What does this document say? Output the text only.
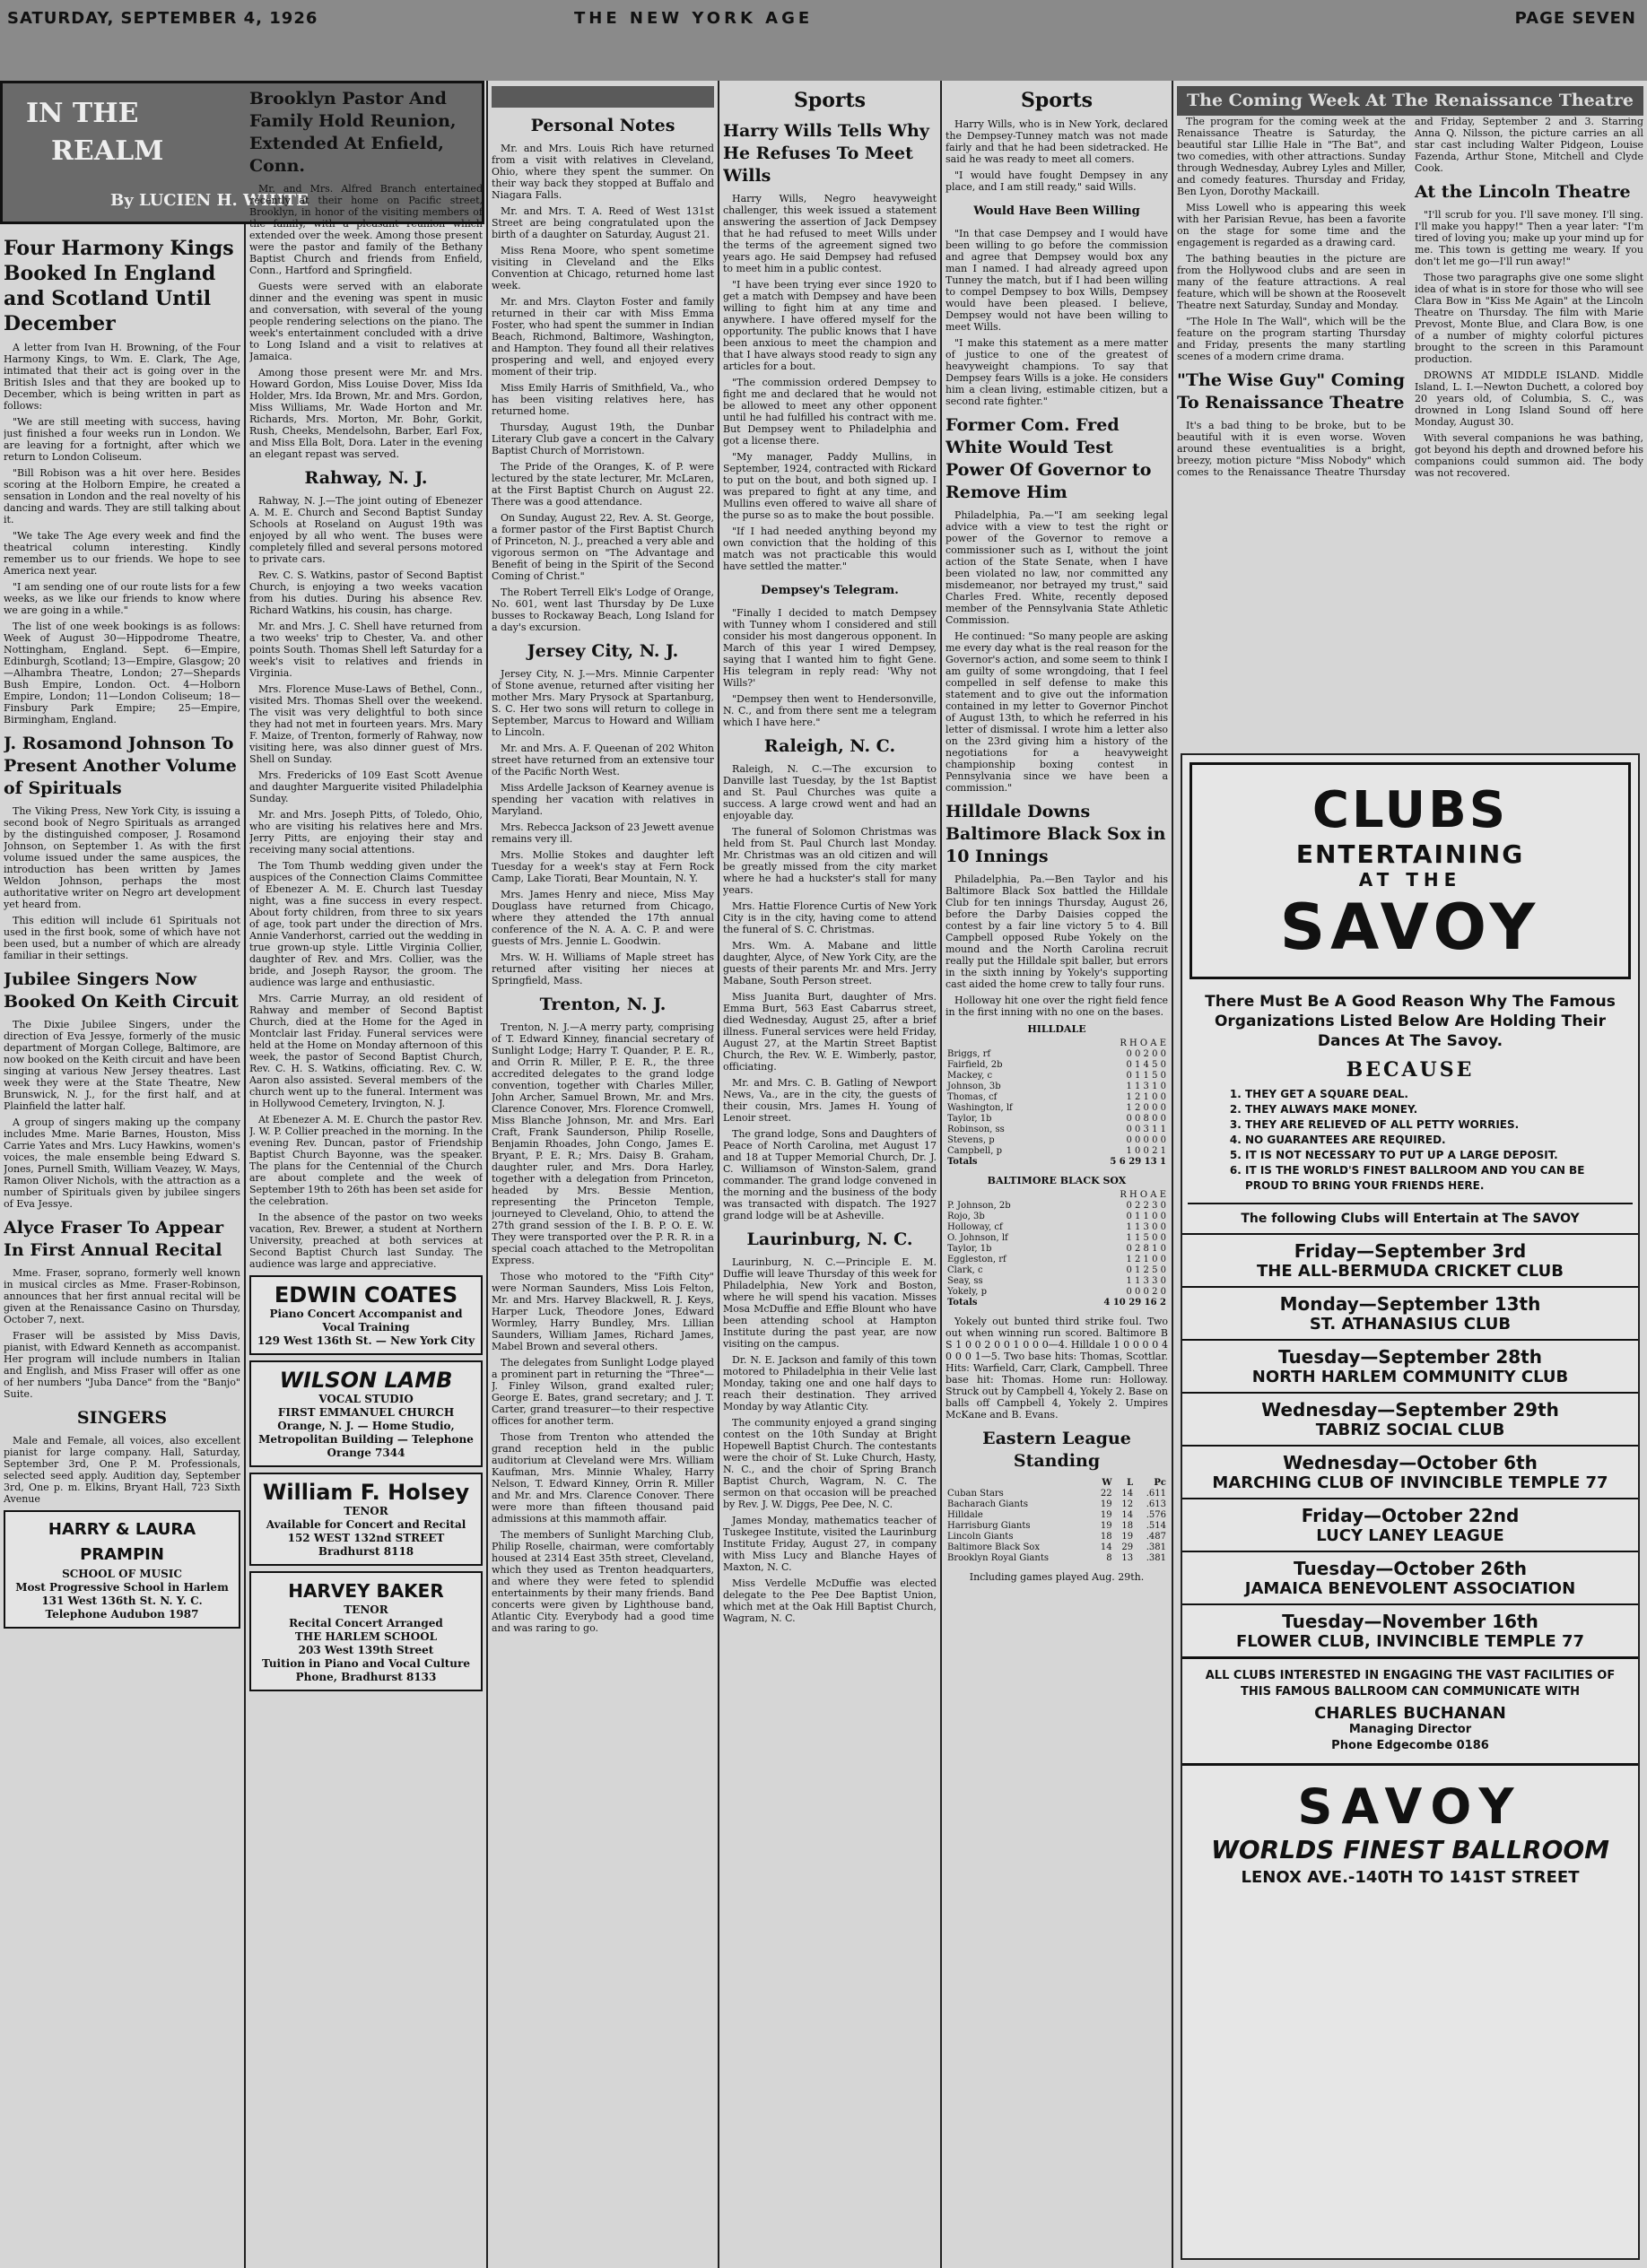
SATURDAY, SEPTEMBER 4, 1926	THE NEW YORK AGE	PAGE SEVEN
IN THE
REALM
By LUCIEN H. WHITE
Four Harmony Kings Booked In England and Scotland Until December

A letter from Ivan H. Browning, of the Four Harmony Kings, to Wm. E. Clark, The Age, intimated that their act is going over in the British Isles and that they are booked up to December, which is being written in part as follows:

"We are still meeting with success, having just finished a four weeks run in London. We are leaving for a fortnight, after which we return to London Coliseum.

"Bill Robison was a hit over here. Besides scoring at the Holborn Empire, he created a sensation in London and the real novelty of his dancing and wards. They are still talking about it.

"We take The Age every week and find the theatrical column interesting. Kindly remember us to our friends. We hope to see America next year.

"I am sending one of our route lists for a few weeks, as we like our friends to know where we are going in a while."

The list of one week bookings is as follows: Week of August 30—Hippodrome Theatre, Nottingham, England. Sept. 6—Empire, Edinburgh, Scotland; 13—Empire, Glasgow; 20—Alhambra Theatre, London; 27—Shepards Bush Empire, London. Oct. 4—Holborn Empire, London; 11—London Coliseum; 18—Finsbury Park Empire; 25—Empire, Birmingham, England.

J. Rosamond Johnson To Present Another Volume of Spirituals

The Viking Press, New York City, is issuing a second book of Negro Spirituals as arranged by the distinguished composer, J. Rosamond Johnson, on September 1. As with the first volume issued under the same auspices, the introduction has been written by James Weldon Johnson, perhaps the most authoritative writer on Negro art development yet heard from.

This edition will include 61 Spirituals not used in the first book, some of which have not been used, but a number of which are already familiar in their settings.

Jubilee Singers Now Booked On Keith Circuit

The Dixie Jubilee Singers, under the direction of Eva Jessye, formerly of the music department of Morgan College, Baltimore, are now booked on the Keith circuit and have been singing at various New Jersey theatres. Last week they were at the State Theatre, New Brunswick, N. J., for the first half, and at Plainfield the latter half.

A group of singers making up the company includes Mme. Marie Barnes, Houston, Miss Carrie Yates and Mrs. Lucy Hawkins, women's voices, the male ensemble being Edward S. Jones, Purnell Smith, William Veazey, W. Mays, Ramon Oliver Nichols, with the attraction as a number of Spirituals given by jubilee singers of Eva Jessye.

Alyce Fraser To Appear In First Annual Recital

Mme. Fraser, soprano, formerly well known in musical circles as Mme. Fraser-Robinson, announces that her first annual recital will be given at the Renaissance Casino on Thursday, October 7, next.

Fraser will be assisted by Miss Davis, pianist, with Edward Kenneth as accompanist. Her program will include numbers in Italian and English, and Miss Fraser will offer as one of her numbers "Juba Dance" from the "Banjo" Suite.

SINGERS

Male and Female, all voices, also excellent pianist for large company. Hall, Saturday, September 3rd, One P. M. Professionals, selected seed apply. Audition day, September 3rd, One p. m. Elkins, Bryant Hall, 723 Sixth Avenue

HARRY & LAURA PRAMPIN
SCHOOL OF MUSIC
Most Progressive School in Harlem
131 West 136th St. N. Y. C.
Telephone Audubon 1987
Brooklyn Pastor And Family Hold Reunion, Extended At Enfield, Conn.

Mr. and Mrs. Alfred Branch entertained recently at their home on Pacific street, Brooklyn, in honor of the visiting members of the family, with a pleasant reunion which extended over the week. Among those present were the pastor and family of the Bethany Baptist Church and friends from Enfield, Conn., Hartford and Springfield.

Guests were served with an elaborate dinner and the evening was spent in music and conversation, with several of the young people rendering selections on the piano. The week's entertainment concluded with a drive to Long Island and a visit to relatives at Jamaica.

Among those present were Mr. and Mrs. Howard Gordon, Miss Louise Dover, Miss Ida Holder, Mrs. Ida Brown, Mr. and Mrs. Gordon, Miss Williams, Mr. Wade Horton and Mr. Richards, Mrs. Morton, Mr. Bohr, Gorkit, Rush, Cheeks, Mendelsohn, Barber, Earl Fox, and Miss Ella Bolt, Dora. Later in the evening an elegant repast was served.

Rahway, N. J.

Rahway, N. J.—The joint outing of Ebenezer A. M. E. Church and Second Baptist Sunday Schools at Roseland on August 19th was enjoyed by all who went. The buses were completely filled and several persons motored to private cars.

Rev. C. S. Watkins, pastor of Second Baptist Church, is enjoying a two weeks vacation from his duties. During his absence Rev. Richard Watkins, his cousin, has charge.

Mr. and Mrs. J. C. Shell have returned from a two weeks' trip to Chester, Va. and other points South. Thomas Shell left Saturday for a week's visit to relatives and friends in Virginia.

Mrs. Florence Muse-Laws of Bethel, Conn., visited Mrs. Thomas Shell over the weekend. The visit was very delightful to both since they had not met in fourteen years. Mrs. Mary F. Maize, of Trenton, formerly of Rahway, now visiting here, was also dinner guest of Mrs. Shell on Sunday.

Mrs. Fredericks of 109 East Scott Avenue and daughter Marguerite visited Philadelphia Sunday.

Mr. and Mrs. Joseph Pitts, of Toledo, Ohio, who are visiting his relatives here and Mrs. Jerry Pitts, are enjoying their stay and receiving many social attentions.

The Tom Thumb wedding given under the auspices of the Connection Claims Committee of Ebenezer A. M. E. Church last Tuesday night, was a fine success in every respect. About forty children, from three to six years of age, took part under the direction of Mrs. Annie Vanderhorst, carried out the wedding in true grown-up style. Little Virginia Collier, daughter of Rev. and Mrs. Collier, was the bride, and Joseph Raysor, the groom. The audience was large and enthusiastic.

Mrs. Carrie Murray, an old resident of Rahway and member of Second Baptist Church, died at the Home for the Aged in Montclair last Friday. Funeral services were held at the Home on Monday afternoon of this week, the pastor of Second Baptist Church, Rev. C. H. S. Watkins, officiating. Rev. C. W. Aaron also assisted. Several members of the church went up to the funeral. Interment was in Hollywood Cemetery, Irvington, N. J.

At Ebenezer A. M. E. Church the pastor Rev. J. W. P. Collier preached in the morning. In the evening Rev. Duncan, pastor of Friendship Baptist Church Bayonne, was the speaker. The plans for the Centennial of the Church are about complete and the week of September 19th to 26th has been set aside for the celebration.

In the absence of the pastor on two weeks vacation, Rev. Brewer, a student at Northern University, preached at both services at Second Baptist Church last Sunday. The audience was large and appreciative.

EDWIN COATES
Piano Concert Accompanist and Vocal Training
129 West 136th St. — New York City
WILSON LAMB
VOCAL STUDIO
FIRST EMMANUEL CHURCH
Orange, N. J. — Home Studio, Metropolitan Building — Telephone Orange 7344
William F. Holsey
TENOR
Available for Concert and Recital
152 WEST 132nd STREET
Bradhurst 8118
HARVEY BAKER
TENOR
Recital Concert Arranged
THE HARLEM SCHOOL
203 West 139th Street
Tuition in Piano and Vocal Culture
Phone, Bradhurst 8133
Personal Notes

Mr. and Mrs. Louis Rich have returned from a visit with relatives in Cleveland, Ohio, where they spent the summer. On their way back they stopped at Buffalo and Niagara Falls.

Mr. and Mrs. T. A. Reed of West 131st Street are being congratulated upon the birth of a daughter on Saturday, August 21.

Miss Rena Moore, who spent sometime visiting in Cleveland and the Elks Convention at Chicago, returned home last week.

Mr. and Mrs. Clayton Foster and family returned in their car with Miss Emma Foster, who had spent the summer in Indian Beach, Richmond, Baltimore, Washington, and Hampton. They found all their relatives prospering and well, and enjoyed every moment of their trip.

Miss Emily Harris of Smithfield, Va., who has been visiting relatives here, has returned home.

Thursday, August 19th, the Dunbar Literary Club gave a concert in the Calvary Baptist Church of Morristown.

The Pride of the Oranges, K. of P. were lectured by the state lecturer, Mr. McLaren, at the First Baptist Church on August 22. There was a good attendance.

On Sunday, August 22, Rev. A. St. George, a former pastor of the First Baptist Church of Princeton, N. J., preached a very able and vigorous sermon on "The Advantage and Benefit of being in the Spirit of the Second Coming of Christ."

The Robert Terrell Elk's Lodge of Orange, No. 601, went last Thursday by De Luxe busses to Rockaway Beach, Long Island for a day's excursion.

Jersey City, N. J.

Jersey City, N. J.—Mrs. Minnie Carpenter of Stone avenue, returned after visiting her mother Mrs. Mary Prysock at Spartanburg, S. C. Her two sons will return to college in September, Marcus to Howard and William to Lincoln.

Mr. and Mrs. A. F. Queenan of 202 Whiton street have returned from an extensive tour of the Pacific North West.

Miss Ardelle Jackson of Kearney avenue is spending her vacation with relatives in Maryland.

Mrs. Rebecca Jackson of 23 Jewett avenue remains very ill.

Mrs. Mollie Stokes and daughter left Tuesday for a week's stay at Fern Rock Camp, Lake Tiorati, Bear Mountain, N. Y.

Mrs. James Henry and niece, Miss May Douglass have returned from Chicago, where they attended the 17th annual conference of the N. A. A. C. P. and were guests of Mrs. Jennie L. Goodwin.

Mrs. W. H. Williams of Maple street has returned after visiting her nieces at Springfield, Mass.

Trenton, N. J.

Trenton, N. J.—A merry party, comprising of T. Edward Kinney, financial secretary of Sunlight Lodge; Harry T. Quander, P. E. R., and Orrin R. Miller, P. E. R., the three accredited delegates to the grand lodge convention, together with Charles Miller, John Archer, Samuel Brown, Mr. and Mrs. Clarence Conover, Mrs. Florence Cromwell, Miss Blanche Johnson, Mr. and Mrs. Earl Craft, Frank Saunderson, Philip Roselle, Benjamin Rhoades, John Congo, James E. Bryant, P. E. R.; Mrs. Daisy B. Graham, daughter ruler, and Mrs. Dora Harley, together with a delegation from Princeton, headed by Mrs. Bessie Mention, representing the Princeton Temple, journeyed to Cleveland, Ohio, to attend the 27th grand session of the I. B. P. O. E. W. They were transported over the P. R. R. in a special coach attached to the Metropolitan Express.

Those who motored to the "Fifth City" were Norman Saunders, Miss Lois Felton, Mr. and Mrs. Harvey Blackwell, R. J. Keys, Harper Luck, Theodore Jones, Edward Wormley, Harry Bundley, Mrs. Lillian Saunders, William James, Richard James, Mabel Brown and several others.

The delegates from Sunlight Lodge played a prominent part in returning the "Three"—J. Finley Wilson, grand exalted ruler; George E. Bates, grand secretary; and J. T. Carter, grand treasurer—to their respective offices for another term.

Those from Trenton who attended the grand reception held in the public auditorium at Cleveland were Mrs. William Kaufman, Mrs. Minnie Whaley, Harry Nelson, T. Edward Kinney, Orrin R. Miller and Mr. and Mrs. Clarence Conover. There were more than fifteen thousand paid admissions at this mammoth affair.

The members of Sunlight Marching Club, Philip Roselle, chairman, were comfortably housed at 2314 East 35th street, Cleveland, which they used as Trenton headquarters, and where they were feted to splendid entertainments by their many friends. Band concerts were given by Lighthouse band, Atlantic City. Everybody had a good time and was raring to go.

Sports
Harry Wills Tells Why He Refuses To Meet Wills

Harry Wills, Negro heavyweight challenger, this week issued a statement answering the assertion of Jack Dempsey that he had refused to meet Wills under the terms of the agreement signed two years ago. He said Dempsey had refused to meet him in a public contest.

"I have been trying ever since 1920 to get a match with Dempsey and have been willing to fight him at any time and anywhere. I have offered myself for the opportunity. The public knows that I have been anxious to meet the champion and that I have always stood ready to sign any articles for a bout.

"The commission ordered Dempsey to fight me and declared that he would not be allowed to meet any other opponent until he had fulfilled his contract with me. But Dempsey went to Philadelphia and got a license there.

"My manager, Paddy Mullins, in September, 1924, contracted with Rickard to put on the bout, and both signed up. I was prepared to fight at any time, and Mullins even offered to waive all share of the purse so as to make the bout possible.

"If I had needed anything beyond my own conviction that the holding of this match was not practicable this would have settled the matter."

Dempsey's Telegram.

"Finally I decided to match Dempsey with Tunney whom I considered and still consider his most dangerous opponent. In March of this year I wired Dempsey, saying that I wanted him to fight Gene. His telegram in reply read: 'Why not Wills?'

"Dempsey then went to Hendersonville, N. C., and from there sent me a telegram which I have here."

Raleigh, N. C.

Raleigh, N. C.—The excursion to Danville last Tuesday, by the 1st Baptist and St. Paul Churches was quite a success. A large crowd went and had an enjoyable day.

The funeral of Solomon Christmas was held from St. Paul Church last Monday. Mr. Christmas was an old citizen and will be greatly missed from the city market where he had a huckster's stall for many years.

Mrs. Hattie Florence Curtis of New York City is in the city, having come to attend the funeral of S. C. Christmas.

Mrs. Wm. A. Mabane and little daughter, Alyce, of New York City, are the guests of their parents Mr. and Mrs. Jerry Mabane, South Person street.

Miss Juanita Burt, daughter of Mrs. Emma Burt, 563 East Cabarrus street, died Wednesday, August 25, after a brief illness. Funeral services were held Friday, August 27, at the Martin Street Baptist Church, the Rev. W. E. Wimberly, pastor, officiating.

Mr. and Mrs. C. B. Gatling of Newport News, Va., are in the city, the guests of their cousin, Mrs. James H. Young of Lenoir street.

The grand lodge, Sons and Daughters of Peace of North Carolina, met August 17 and 18 at Tupper Memorial Church, Dr. J. C. Williamson of Winston-Salem, grand commander. The grand lodge convened in the morning and the business of the body was transacted with dispatch. The 1927 grand lodge will be at Asheville.

Laurinburg, N. C.

Laurinburg, N. C.—Principle E. M. Duffie will leave Thursday of this week for Philadelphia, New York and Boston, where he will spend his vacation. Misses Mosa McDuffie and Effie Blount who have been attending school at Hampton Institute during the past year, are now visiting on the campus.

Dr. N. E. Jackson and family of this town motored to Philadelphia in their Velie last Monday, taking one and one half days to reach their destination. They arrived Monday by way Atlantic City.

The community enjoyed a grand singing contest on the 10th Sunday at Bright Hopewell Baptist Church. The contestants were the choir of St. Luke Church, Hasty, N. C., and the choir of Spring Branch Baptist Church, Wagram, N. C. The sermon on that occasion will be preached by Rev. J. W. Diggs, Pee Dee, N. C.

James Monday, mathematics teacher of Tuskegee Institute, visited the Laurinburg Institute Friday, August 27, in company with Miss Lucy and Blanche Hayes of Maxton, N. C.

Miss Verdelle McDuffie was elected delegate to the Pee Dee Baptist Union, which met at the Oak Hill Baptist Church, Wagram, N. C.

Sports

Harry Wills, who is in New York, declared the Dempsey-Tunney match was not made fairly and that he had been sidetracked. He said he was ready to meet all comers.

"I would have fought Dempsey in any place, and I am still ready," said Wills.

Would Have Been Willing

"In that case Dempsey and I would have been willing to go before the commission and agree that Dempsey would box any man I named. I had already agreed upon Tunney the match, but if I had been willing to compel Dempsey to box Wills, Dempsey would have been pleased. I believe, Dempsey would not have been willing to meet Wills.

"I make this statement as a mere matter of justice to one of the greatest of heavyweight champions. To say that Dempsey fears Wills is a joke. He considers him a clean living, estimable citizen, but a second rate fighter."

Former Com. Fred White Would Test Power Of Governor to Remove Him

Philadelphia, Pa.—"I am seeking legal advice with a view to test the right or power of the Governor to remove a commissioner such as I, without the joint action of the State Senate, when I have been violated no law, nor committed any misdemeanor, nor betrayed my trust," said Charles Fred. White, recently deposed member of the Pennsylvania State Athletic Commission.

He continued: "So many people are asking me every day what is the real reason for the Governor's action, and some seem to think I am guilty of some wrongdoing, that I feel compelled in self defense to make this statement and to give out the information contained in my letter to Governor Pinchot of August 13th, to which he referred in his letter of dismissal. I wrote him a letter also on the 23rd giving him a history of the negotiations for a heavyweight championship boxing contest in Pennsylvania since we have been a commission."

Hilldale Downs Baltimore Black Sox in 10 Innings

Philadelphia, Pa.—Ben Taylor and his Baltimore Black Sox battled the Hilldale Club for ten innings Thursday, August 26, before the Darby Daisies copped the contest by a fair line victory 5 to 4. Bill Campbell opposed Rube Yokely on the mound and the North Carolina recruit really put the Hilldale spit baller, but errors in the sixth inning by Yokely's supporting cast aided the home crew to tally four runs.

Holloway hit one over the right field fence in the first inning with no one on the bases.

HILLDALE
	R H O A E
Briggs, rf	0 0 2 0 0
Fairfield, 2b	0 1 4 5 0
Mackey, c	0 1 1 5 0
Johnson, 3b	1 1 3 1 0
Thomas, cf	1 2 1 0 0
Washington, lf	1 2 0 0 0
Taylor, 1b	0 0 8 0 0
Robinson, ss	0 0 3 1 1
Stevens, p	0 0 0 0 0
Campbell, p	1 0 0 2 1
Totals	5 6 29 13 1
BALTIMORE BLACK SOX
	R H O A E
P. Johnson, 2b	0 2 2 3 0
Rojo, 3b	0 1 1 0 0
Holloway, cf	1 1 3 0 0
O. Johnson, lf	1 1 5 0 0
Taylor, 1b	0 2 8 1 0
Eggleston, rf	1 2 1 0 0
Clark, c	0 1 2 5 0
Seay, ss	1 1 3 3 0
Yokely, p	0 0 0 2 0
Totals	4 10 29 16 2

Yokely out bunted third strike foul. Two out when winning run scored. Baltimore B S 1 0 0 2 0 0 1 0 0 0—4. Hilldale 1 0 0 0 0 4 0 0 0 1—5. Two base hits: Thomas, Scottlar. Hits: Warfield, Carr, Clark, Campbell. Three base hit: Thomas. Home run: Holloway. Struck out by Campbell 4, Yokely 2. Base on balls off Campbell 4, Yokely 2. Umpires McKane and B. Evans.

Eastern League Standing
	W	L	Pc
Cuban Stars	22	14	.611
Bacharach Giants	19	12	.613
Hilldale	19	14	.576
Harrisburg Giants	19	18	.514
Lincoln Giants	18	19	.487
Baltimore Black Sox	14	29	.381
Brooklyn Royal Giants	8	13	.381

Including games played Aug. 29th.

The Coming Week At The Renaissance Theatre

The program for the coming week at the Renaissance Theatre is Saturday, the beautiful star Lillie Hale in "The Bat", and two comedies, with other attractions. Sunday through Wednesday, Aubrey Lyles and Miller, and comedy features. Thursday and Friday, Ben Lyon, Dorothy Mackaill.

Miss Lowell who is appearing this week with her Parisian Revue, has been a favorite on the stage for some time and the engagement is regarded as a drawing card.

The bathing beauties in the picture are from the Hollywood clubs and are seen in many of the feature attractions. A real feature, which will be shown at the Roosevelt Theatre next Saturday, Sunday and Monday.

"The Hole In The Wall", which will be the feature on the program starting Thursday and Friday, presents the many startling scenes of a modern crime drama.

"The Wise Guy" Coming To Renaissance Theatre

It's a bad thing to be broke, but to be beautiful with it is even worse. Woven around these eventualities is a bright, breezy, motion picture "Miss Nobody" which comes to the Renaissance Theatre Thursday and Friday, September 2 and 3. Starring Anna Q. Nilsson, the picture carries an all star cast including Walter Pidgeon, Louise Fazenda, Arthur Stone, Mitchell and Clyde Cook.

At the Lincoln Theatre

"I'll scrub for you. I'll save money. I'll sing. I'll make you happy!" Then a year later: "I'm tired of loving you; make up your mind up for me. This town is getting me weary. If you don't let me go—I'll run away!"

Those two paragraphs give one some slight idea of what is in store for those who will see Clara Bow in "Kiss Me Again" at the Lincoln Theatre on Thursday. The film with Marie Prevost, Monte Blue, and Clara Bow, is one of a number of mighty colorful pictures brought to the screen in this Paramount production.

DROWNS AT MIDDLE ISLAND. Middle Island, L. I.—Newton Duchett, a colored boy 20 years old, of Columbia, S. C., was drowned in Long Island Sound off here Monday, August 30.

With several companions he was bathing, got beyond his depth and drowned before his companions could summon aid. The body was not recovered.

CLUBS
ENTERTAINING
AT THE
SAVOY
There Must Be A Good Reason Why The Famous Organizations Listed Below Are Holding Their Dances At The Savoy.
BECAUSE
1. THEY GET A SQUARE DEAL.
2. THEY ALWAYS MAKE MONEY.
3. THEY ARE RELIEVED OF ALL PETTY WORRIES.
4. NO GUARANTEES ARE REQUIRED.
5. IT IS NOT NECESSARY TO PUT UP A LARGE DEPOSIT.
6. IT IS THE WORLD'S FINEST BALLROOM AND YOU CAN BE PROUD TO BRING YOUR FRIENDS HERE.
The following Clubs will Entertain at The SAVOY
Friday—September 3rd
THE ALL-BERMUDA CRICKET CLUB
Monday—September 13th
ST. ATHANASIUS CLUB
Tuesday—September 28th
NORTH HARLEM COMMUNITY CLUB
Wednesday—September 29th
TABRIZ SOCIAL CLUB
Wednesday—October 6th
MARCHING CLUB OF INVINCIBLE TEMPLE 77
Friday—October 22nd
LUCY LANEY LEAGUE
Tuesday—October 26th
JAMAICA BENEVOLENT ASSOCIATION
Tuesday—November 16th
FLOWER CLUB, INVINCIBLE TEMPLE 77
ALL CLUBS INTERESTED IN ENGAGING THE VAST FACILITIES OF THIS FAMOUS BALLROOM CAN COMMUNICATE WITH
CHARLES BUCHANAN
Managing Director
Phone Edgecombe 0186
SAVOY
WORLDS FINEST BALLROOM
LENOX AVE.-140TH TO 141ST STREET
